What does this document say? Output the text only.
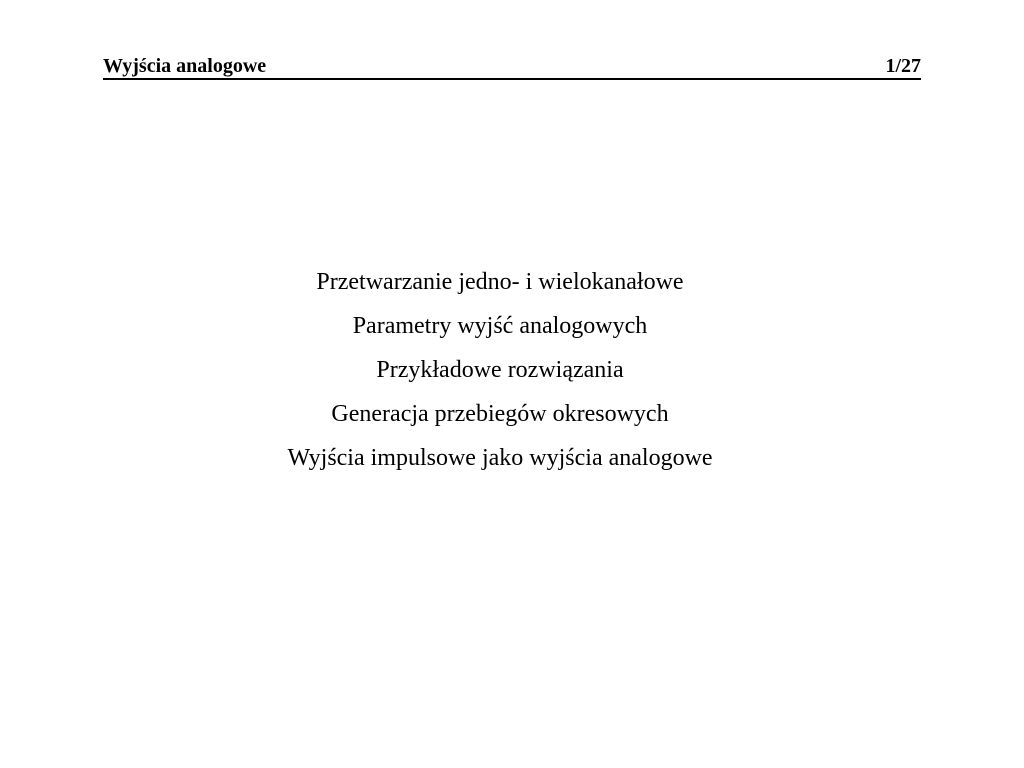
Wyjścia analogowe	1/27
Przetwarzanie jedno- i wielokanałowe
Parametry wyjść analogowych
Przykładowe rozwiązania
Generacja przebiegów okresowych
Wyjścia impulsowe jako wyjścia analogowe
